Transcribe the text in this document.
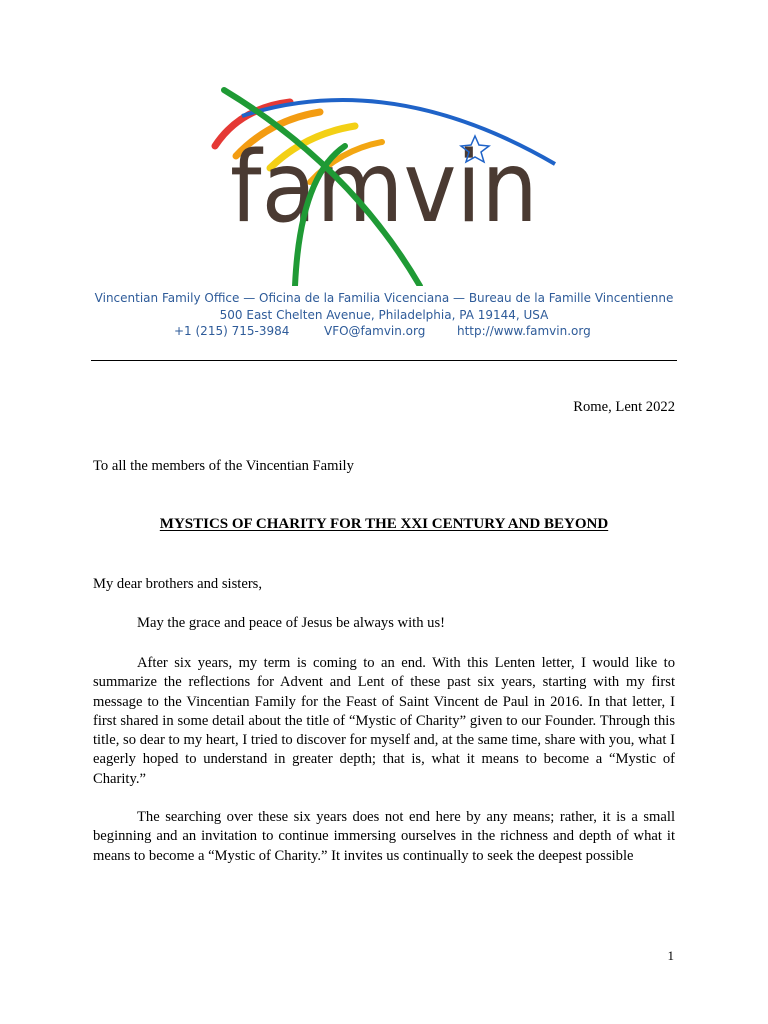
famvin
Vincentian Family Office — Oficina de la Familia Vicenciana — Bureau de la Famille Vincentienne
500 East Chelten Avenue, Philadelphia, PA 19144, USA
+1 (215) 715-3984	VFO@famvin.org	http://www.famvin.org
Rome, Lent 2022
To all the members of the Vincentian Family
MYSTICS OF CHARITY FOR THE XXI CENTURY AND BEYOND
My dear brothers and sisters,
May the grace and peace of Jesus be always with us!
After six years, my term is coming to an end. With this Lenten letter, I would like to summarize the reflections for Advent and Lent of these past six years, starting with my first message to the Vincentian Family for the Feast of Saint Vincent de Paul in 2016. In that letter, I first shared in some detail about the title of “Mystic of Charity” given to our Founder. Through this title, so dear to my heart, I tried to discover for myself and, at the same time, share with you, what I eagerly hoped to understand in greater depth; that is, what it means to become a “Mystic of Charity.”
The searching over these six years does not end here by any means; rather, it is a small beginning and an invitation to continue immersing ourselves in the richness and depth of what it means to become a “Mystic of Charity.” It invites us continually to seek the deepest possible
1
